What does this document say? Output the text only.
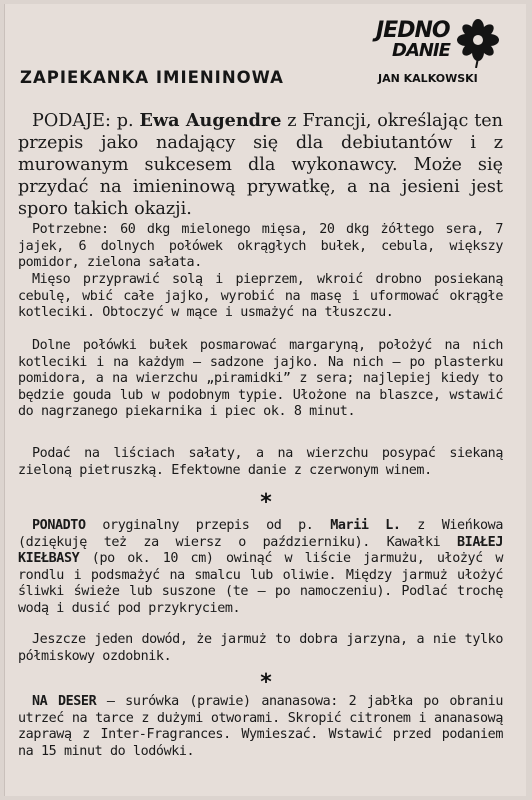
JEDNO
DANIE
JAN KALKOWSKI
ZAPIEKANKA IMIENINOWA

PODAJE: p. Ewa Augendre z Francji, określając ten przepis jako nadający się dla debiutantów i z murowanym sukcesem dla wykonawcy. Może się przydać na imieninową prywatkę, a na jesieni jest sporo takich okazji.

Potrzebne: 60 dkg mielonego mięsa, 20 dkg żółtego sera, 7 jajek, 6 dolnych połówek okrągłych bułek, cebula, większy pomidor, zielona sałata.

Mięso przyprawić solą i pieprzem, wkroić drobno posiekaną cebulę, wbić całe jajko, wyrobić na masę i uformować okrągłe kotleciki. Obtoczyć w mące i usmażyć na tłuszczu.

Dolne połówki bułek posmarować margaryną, położyć na nich kotleciki i na każdym — sadzone jajko. Na nich — po plasterku pomidora, a na wierzchu „piramidki” z sera; najlepiej kiedy to będzie gouda lub w podobnym typie. Ułożone na blaszce, wstawić do nagrzanego piekarnika i piec ok. 8 minut.

Podać na liściach sałaty, a na wierzchu posypać siekaną zieloną pietruszką. Efektowne danie z czerwonym winem.

*

PONADTO oryginalny przepis od p. Marii L. z Wieńkowa (dziękuję też za wiersz o październiku). Kawałki BIAŁEJ KIEŁBASY (po ok. 10 cm) owinąć w liście jarmużu, ułożyć w rondlu i podsmażyć na smalcu lub oliwie. Między jarmuż ułożyć śliwki świeże lub suszone (te — po namoczeniu). Podlać trochę wodą i dusić pod przykryciem.

Jeszcze jeden dowód, że jarmuż to dobra jarzyna, a nie tylko półmiskowy ozdobnik.

*

NA DESER — surówka (prawie) ananasowa: 2 jabłka po obraniu utrzeć na tarce z dużymi otworami. Skropić citronem i ananasową zaprawą z Inter-Fragrances. Wymieszać. Wstawić przed podaniem na 15 minut do lodówki.
